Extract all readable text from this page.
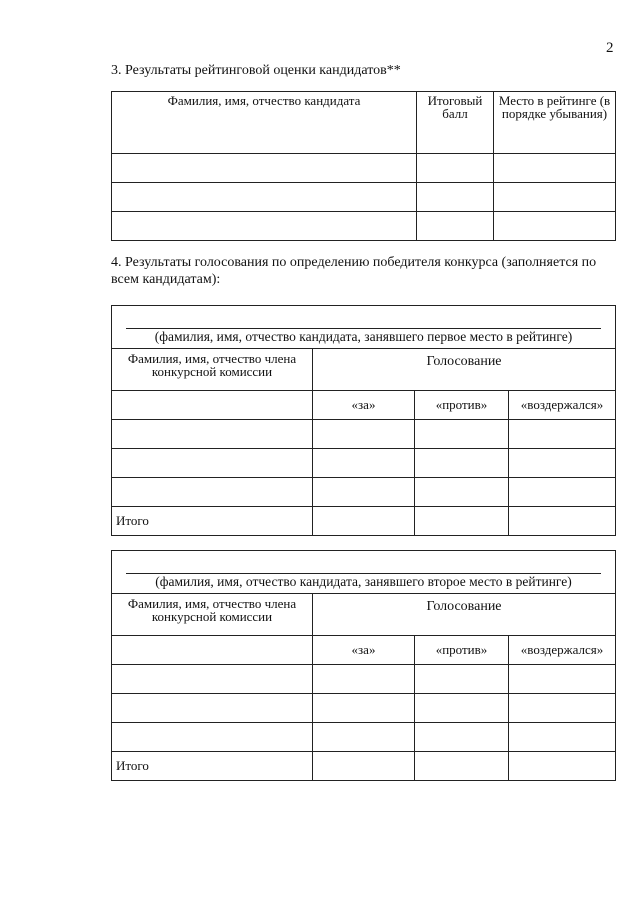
2
3. Результаты рейтинговой оценки кандидатов**
Фамилия, имя, отчество кандидата	Итоговый балл	Место в рейтинге (в порядке убывания)

4. Результаты голосования по определению победителя конкурса (заполняется по всем кандидатам):
(фамилия, имя, отчество кандидата, занявшего первое место в рейтинге)			

Фамилия, имя, отчество члена конкурсной комиссии	Голосование		
	«за»	«против»	«воздержался»

Итого			
(фамилия, имя, отчество кандидата, занявшего второе место в рейтинге)			

Фамилия, имя, отчество члена конкурсной комиссии	Голосование		
	«за»	«против»	«воздержался»

Итого			
